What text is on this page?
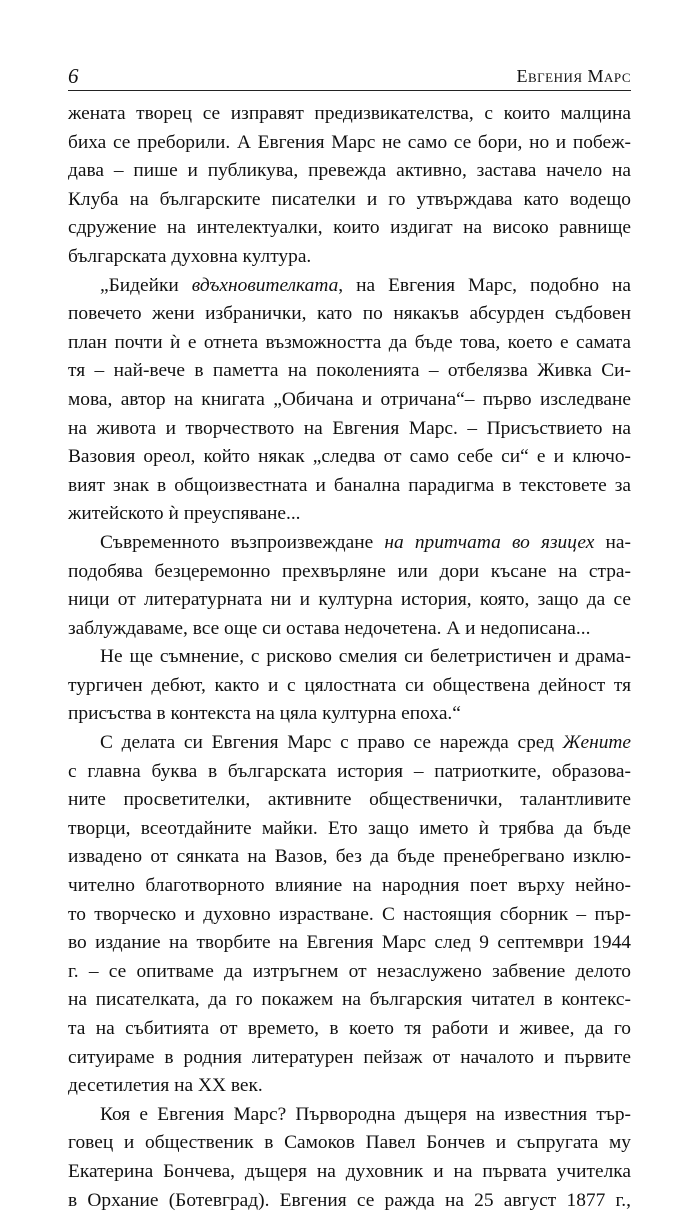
6	Евгения Марс
жената творец се изправят предизвикателства, с които малцина
биха се преборили. А Евгения Марс не само се бори, но и побеж-
дава – пише и публикува, превежда активно, застава начело на
Клуба на българските писателки и го утвърждава като водещо
сдружение на интелектуалки, които издигат на високо равнище
българската духовна култура.
„Бидейки вдъхновителката, на Евгения Марс, подобно на
повечето жени избранички, като по някакъв абсурден съдбовен
план почти ѝ е отнета възможността да бъде това, което е самата
тя – най-вече в паметта на поколенията – отбелязва Живка Си-
мова, автор на книгата „Обичана и отричана“– първо изследване
на живота и творчеството на Евгения Марс. – Присъствието на
Вазовия ореол, който някак „следва от само себе си“ е и ключо-
вият знак в общоизвестната и банална парадигма в текстовете за
житейското ѝ преуспяване...
Съвременното възпроизвеждане на притчата во язицех на-
подобява безцеремонно прехвърляне или дори късане на стра-
ници от литературната ни и културна история, която, защо да се
заблуждаваме, все още си остава недочетена. А и недописана...
Не ще съмнение, с рисково смелия си белетристичен и драма-
тургичен дебют, както и с цялостната си обществена дейност тя
присъства в контекста на цяла културна епоха.“
С делата си Евгения Марс с право се нарежда сред Жените
с главна буква в българската история – патриотките, образова-
ните просветителки, активните общественички, талантливите
творци, всеотдайните майки. Ето защо името ѝ трябва да бъде
извадено от сянката на Вазов, без да бъде пренебрегвано изклю-
чително благотворното влияние на народния поет върху нейно-
то творческо и духовно израстване. С настоящия сборник – пър-
во издание на творбите на Евгения Марс след 9 септември 1944
г. – се опитваме да изтръгнем от незаслужено забвение делото
на писателката, да го покажем на българския читател в контекс-
та на събитията от времето, в което тя работи и живее, да го
ситуираме в родния литературен пейзаж от началото и първите
десетилетия на XX век.
Коя е Евгения Марс? Първородна дъщеря на известния тър-
говец и общественик в Самоков Павел Бончев и съпругата му
Екатерина Бончева, дъщеря на духовник и на първата учителка
в Орхание (Ботевград). Евгения се ражда на 25 август 1877 г.,
